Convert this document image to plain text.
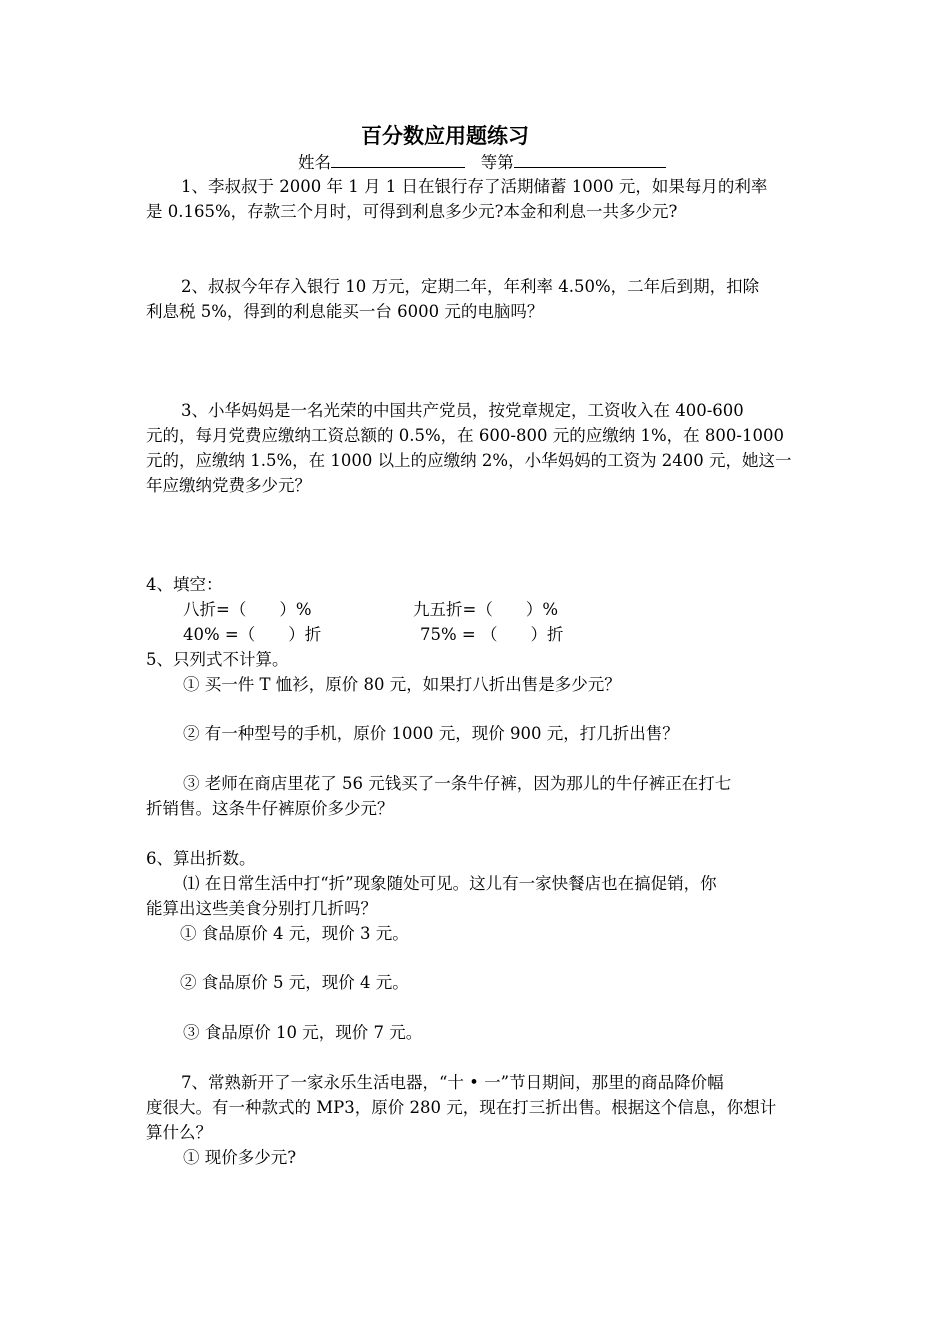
百分数应用题练习
姓名	等第
1、李叔叔于 2000 年 1 月 1 日在银行存了活期储蓄 1000 元，如果每月的利率
是 0.165%，存款三个月时，可得到利息多少元?本金和利息一共多少元?
2、叔叔今年存入银行 10 万元，定期二年，年利率 4.50%，二年后到期，扣除
利息税 5%，得到的利息能买一台 6000 元的电脑吗？
3、小华妈妈是一名光荣的中国共产党员，按党章规定，工资收入在 400-600
元的，每月党费应缴纳工资总额的 0.5%，在 600-800 元的应缴纳 1%，在 800-1000
元的，应缴纳 1.5%，在 1000 以上的应缴纳 2%，小华妈妈的工资为 2400 元，她这一
年应缴纳党费多少元？
4、填空：
八折=（　　）%	九五折=（　　）%
40% =（　　）折	75% = （　　）折
5、只列式不计算。
① 买一件 T 恤衫，原价 80 元，如果打八折出售是多少元？
② 有一种型号的手机，原价 1000 元，现价 900 元，打几折出售？
③ 老师在商店里花了 56 元钱买了一条牛仔裤，因为那儿的牛仔裤正在打七
折销售。这条牛仔裤原价多少元？
6、算出折数。
⑴ 在日常生活中打“折”现象随处可见。这儿有一家快餐店也在搞促销，你
能算出这些美食分别打几折吗？
① 食品原价 4 元，现价 3 元。
② 食品原价 5 元，现价 4 元。
③ 食品原价 10 元，现价 7 元。
7、常熟新开了一家永乐生活电器，“十 • 一”节日期间，那里的商品降价幅
度很大。有一种款式的 MP3，原价 280 元，现在打三折出售。根据这个信息，你想计
算什么？
① 现价多少元?
